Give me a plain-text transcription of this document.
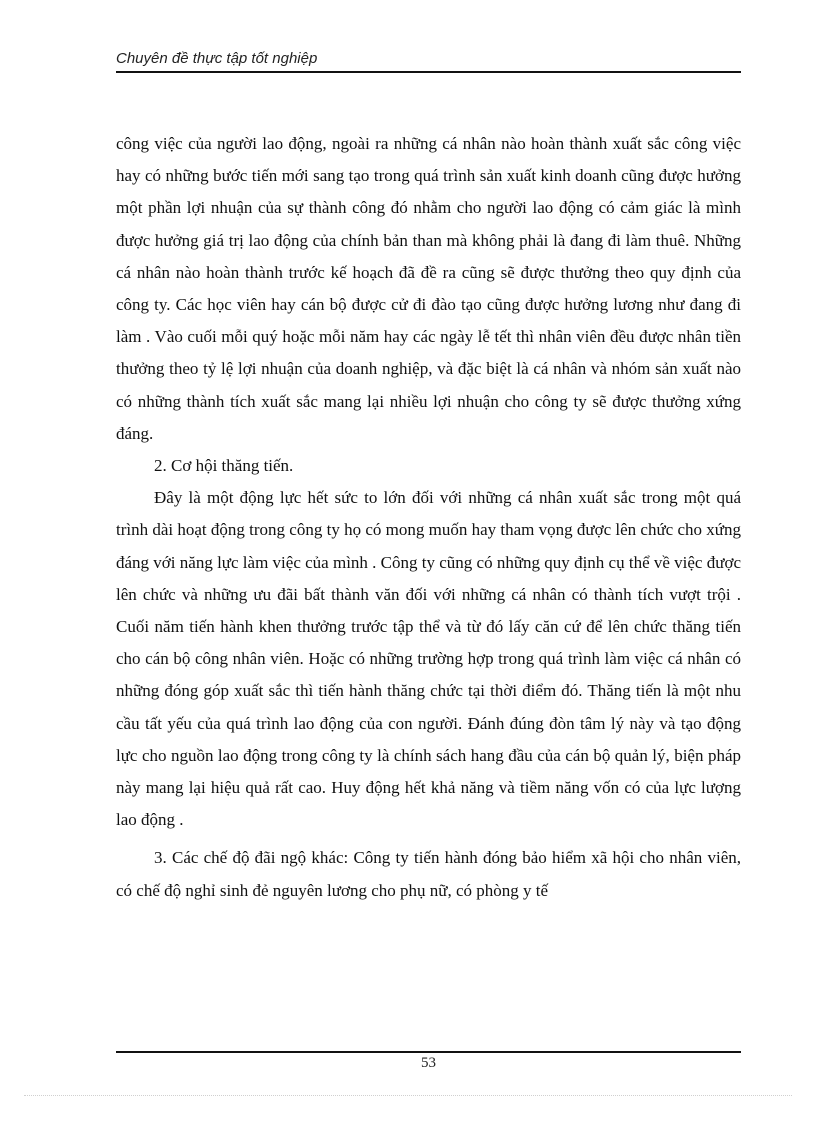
Chuyên đề thực tập tốt nghiệp

công việc của người lao động, ngoài ra những cá nhân nào hoàn thành xuất sắc công việc hay có những bước tiến mới sang tạo trong quá trình sản xuất kinh doanh cũng được hưởng một phần lợi nhuận của sự thành công đó nhằm cho người lao động có cảm giác là mình được hưởng giá trị lao động của chính bản than mà không phải là đang đi làm thuê. Những cá nhân nào hoàn thành trước kế hoạch đã đề ra cũng sẽ được thưởng theo quy định của công ty. Các học viên hay cán bộ được cử đi đào tạo cũng được hưởng lương như đang đi làm . Vào cuối mỗi quý hoặc mỗi năm hay các ngày lễ tết thì nhân viên đều được nhân tiền thưởng theo tỷ lệ lợi nhuận của doanh nghiệp, và đặc biệt là cá nhân và nhóm sản xuất nào có những thành tích xuất sắc mang lại nhiều lợi nhuận cho công ty sẽ được thưởng xứng đáng.

2. Cơ hội thăng tiến.

Đây là một động lực hết sức to lớn đối với những cá nhân xuất sắc trong một quá trình dài hoạt động trong công ty họ có mong muốn hay tham vọng được lên chức cho xứng đáng với năng lực làm việc của mình . Công ty cũng có những quy định cụ thể về việc được lên chức và những ưu đãi bất thành văn đối với những cá nhân có thành tích vượt trội . Cuối năm tiến hành khen thưởng trước tập thể và từ đó lấy căn cứ để lên chức thăng tiến cho cán bộ công nhân viên. Hoặc có những trường hợp trong quá trình làm việc cá nhân có những đóng góp xuất sắc thì tiến hành thăng chức tại thời điểm đó. Thăng tiến là một nhu cầu tất yếu của quá trình lao động của con người. Đánh đúng đòn tâm lý này và tạo động lực cho nguồn lao động trong công ty là chính sách hang đầu của cán bộ quản lý, biện pháp này mang lại hiệu quả rất cao. Huy động hết khả năng và tiềm năng vốn có của lực lượng lao động .

3. Các chế độ đãi ngộ khác: Công ty tiến hành đóng bảo hiểm xã hội cho nhân viên, có chế độ nghỉ sinh đẻ nguyên lương cho phụ nữ, có phòng y tế

53
